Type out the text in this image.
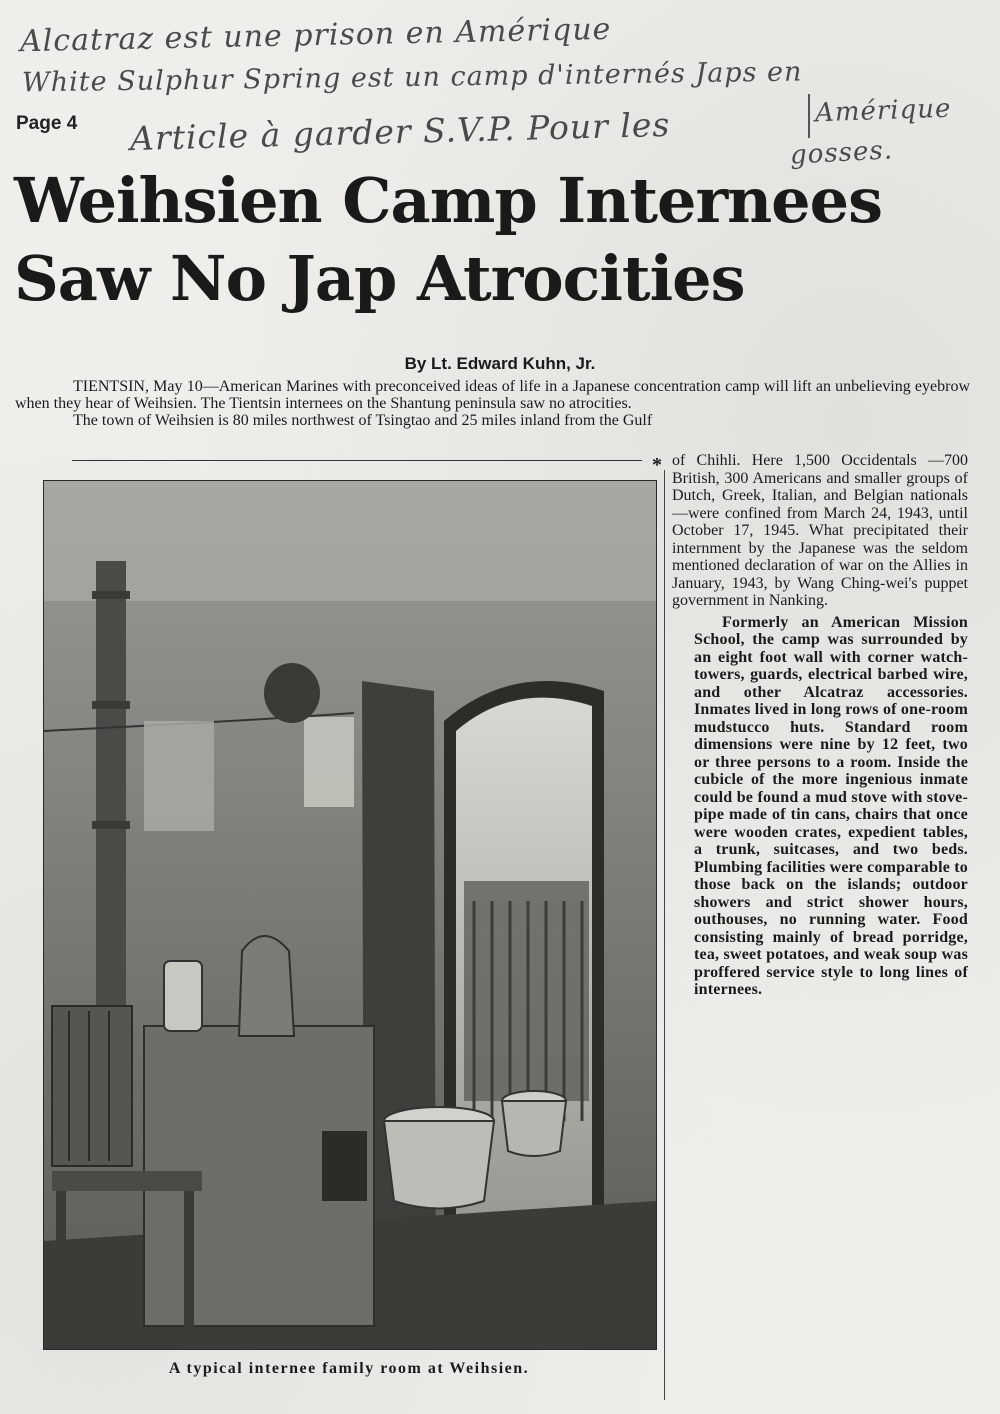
Alcatraz est une prison en Amérique
White Sulphur Spring est un camp d'internés Japs en
Article à garder S.V.P. Pour les	Amérique
gosses.
Page 4
Weihsien Camp Internees
Saw No Jap Atrocities
By Lt. Edward Kuhn, Jr.

TIENTSIN, May 10—American Marines with preconceived ideas of life in a Japanese concentration camp will lift an unbelieving eyebrow when they hear of Weihsien. The Tientsin internees on the Shantung peninsula saw no atrocities.

The town of Weihsien is 80 miles northwest of Tsingtao and 25 miles inland from the Gulf

A typical internee family room at Weihsien.
* of Chihli. Here 1,500 Occidentals —700 British, 300 Americans and smaller groups of Dutch, Greek, Italian, and Belgian nationals—were confined from March 24, 1943, until October 17, 1945. What precipitated their internment by the Japanese was the seldom mentioned declaration of war on the Allies in January, 1943, by Wang Ching-wei's puppet government in Nanking.

Formerly an American Mission School, the camp was surrounded by an eight foot wall with corner watch-towers, guards, electrical barbed wire, and other Alcatraz accessories. Inmates lived in long rows of one-room mudstucco huts. Standard room dimensions were nine by 12 feet, two or three persons to a room. Inside the cubicle of the more ingenious inmate could be found a mud stove with stove-pipe made of tin cans, chairs that once were wooden crates, expedient tables, a trunk, suitcases, and two beds. Plumbing facilities were comparable to those back on the islands; outdoor showers and strict shower hours, outhouses, no running water. Food consisting mainly of bread porridge, tea, sweet potatoes, and weak soup was proffered service style to long lines of internees.
